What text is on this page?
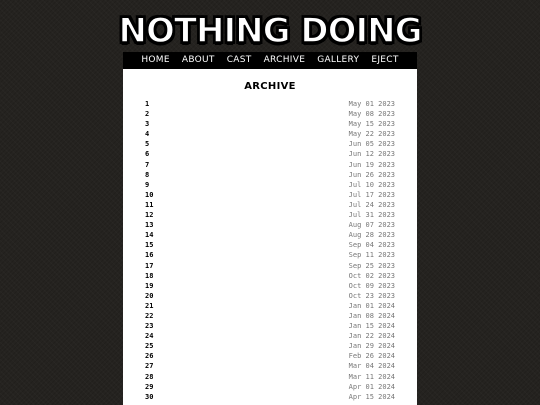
NOTHING DOING
HOME ABOUT CAST ARCHIVE GALLERY EJECT
ARCHIVE
1	May 01 2023
2	May 08 2023
3	May 15 2023
4	May 22 2023
5	Jun 05 2023
6	Jun 12 2023
7	Jun 19 2023
8	Jun 26 2023
9	Jul 10 2023
10	Jul 17 2023
11	Jul 24 2023
12	Jul 31 2023
13	Aug 07 2023
14	Aug 28 2023
15	Sep 04 2023
16	Sep 11 2023
17	Sep 25 2023
18	Oct 02 2023
19	Oct 09 2023
20	Oct 23 2023
21	Jan 01 2024
22	Jan 08 2024
23	Jan 15 2024
24	Jan 22 2024
25	Jan 29 2024
26	Feb 26 2024
27	Mar 04 2024
28	Mar 11 2024
29	Apr 01 2024
30	Apr 15 2024
